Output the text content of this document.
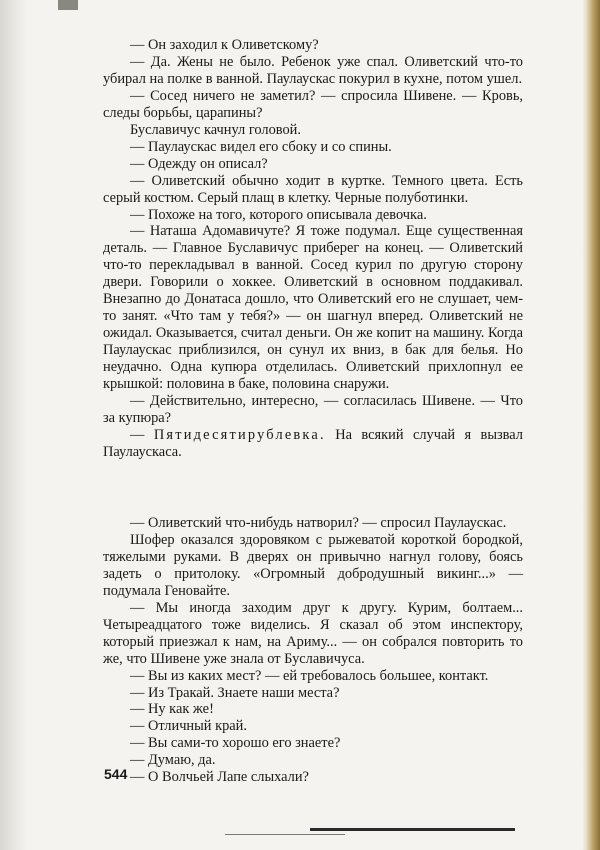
— Он заходил к Оливетскому?

— Да. Жены не было. Ребенок уже спал. Оливетский что-то убирал на полке в ванной. Паулаускас покурил в кухне, потом ушел.

— Сосед ничего не заметил? — спросила Шивене. — Кровь, следы борьбы, царапины?

Буславичус качнул головой.

— Паулаускас видел его сбоку и со спины.

— Одежду он описал?

— Оливетский обычно ходит в куртке. Темного цвета. Есть серый костюм. Серый плащ в клетку. Черные полуботинки.

— Похоже на того, которого описывала девочка.

— Наташа Адомавичуте? Я тоже подумал. Еще существенная деталь. — Главное Буславичус приберег на конец. — Оливетский что-то перекладывал в ванной. Сосед курил по другую сторону двери. Говорили о хоккее. Оливетский в основном поддакивал. Внезапно до Донатаса дошло, что Оливетский его не слушает, чем-то занят. «Что там у тебя?» — он шагнул вперед. Оливетский не ожидал. Оказывается, считал деньги. Он же копит на машину. Когда Паулаускас приблизился, он сунул их вниз, в бак для белья. Но неудачно. Одна купюра отделилась. Оливетский прихлопнул ее крышкой: половина в баке, половина снаружи.

— Действительно, интересно, — согласилась Шивене. — Что за купюра?

— Пятидесятирублевка. На всякий случай я вызвал Паулаускаса.

— Оливетский что-нибудь натворил? — спросил Паулаускас.

Шофер оказался здоровяком с рыжеватой короткой бородкой, тяжелыми руками. В дверях он привычно нагнул голову, боясь задеть о притолоку. «Огромный добродушный викинг...» — подумала Геновайте.

— Мы иногда заходим друг к другу. Курим, болтаем... Четыреадцатого тоже виделись. Я сказал об этом инспектору, который приезжал к нам, на Ариму... — он собрался повторить то же, что Шивене уже знала от Буславичуса.

— Вы из каких мест? — ей требовалось большее, контакт.

— Из Тракай. Знаете наши места?

— Ну как же!

— Отличный край.

— Вы сами-то хорошо его знаете?

— Думаю, да.

— О Волчьей Лапе слыхали?

544
